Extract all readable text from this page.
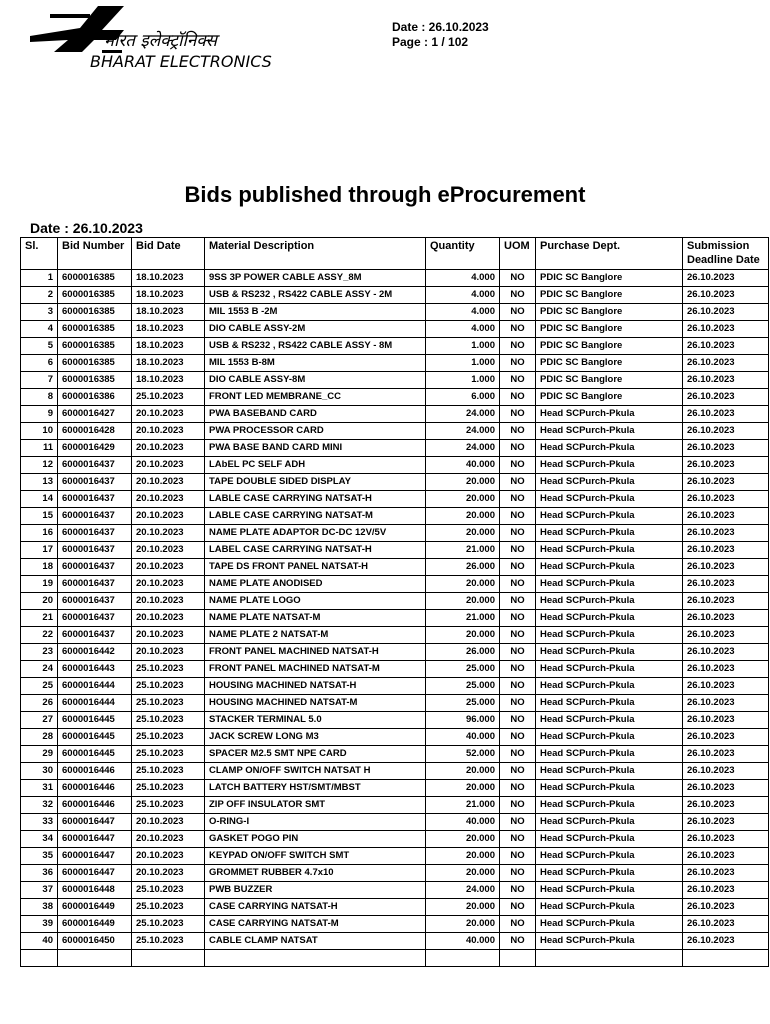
भारत इलेक्ट्रॉनिक्स
BHARAT ELECTRONICS
Date : 26.10.2023
Page : 1 / 102
Bids published through eProcurement
Date : 26.10.2023
Sl.	Bid Number	Bid Date	Material Description	Quantity	UOM	Purchase Dept.	Submission Deadline Date
1	6000016385	18.10.2023	9SS 3P POWER CABLE ASSY_8M	4.000	NO	PDIC SC Banglore	26.10.2023
2	6000016385	18.10.2023	USB & RS232 , RS422 CABLE ASSY - 2M	4.000	NO	PDIC SC Banglore	26.10.2023
3	6000016385	18.10.2023	MIL 1553 B -2M	4.000	NO	PDIC SC Banglore	26.10.2023
4	6000016385	18.10.2023	DIO CABLE ASSY-2M	4.000	NO	PDIC SC Banglore	26.10.2023
5	6000016385	18.10.2023	USB & RS232 , RS422 CABLE ASSY - 8M	1.000	NO	PDIC SC Banglore	26.10.2023
6	6000016385	18.10.2023	MIL 1553 B-8M	1.000	NO	PDIC SC Banglore	26.10.2023
7	6000016385	18.10.2023	DIO CABLE ASSY-8M	1.000	NO	PDIC SC Banglore	26.10.2023
8	6000016386	25.10.2023	FRONT LED MEMBRANE_CC	6.000	NO	PDIC SC Banglore	26.10.2023
9	6000016427	20.10.2023	PWA BASEBAND CARD	24.000	NO	Head SCPurch-Pkula	26.10.2023
10	6000016428	20.10.2023	PWA PROCESSOR CARD	24.000	NO	Head SCPurch-Pkula	26.10.2023
11	6000016429	20.10.2023	PWA BASE BAND CARD MINI	24.000	NO	Head SCPurch-Pkula	26.10.2023
12	6000016437	20.10.2023	LAbEL PC SELF ADH	40.000	NO	Head SCPurch-Pkula	26.10.2023
13	6000016437	20.10.2023	TAPE DOUBLE SIDED DISPLAY	20.000	NO	Head SCPurch-Pkula	26.10.2023
14	6000016437	20.10.2023	LABLE CASE CARRYING NATSAT-H	20.000	NO	Head SCPurch-Pkula	26.10.2023
15	6000016437	20.10.2023	LABLE CASE CARRYING NATSAT-M	20.000	NO	Head SCPurch-Pkula	26.10.2023
16	6000016437	20.10.2023	NAME PLATE ADAPTOR DC-DC 12V/5V	20.000	NO	Head SCPurch-Pkula	26.10.2023
17	6000016437	20.10.2023	LABEL CASE CARRYING NATSAT-H	21.000	NO	Head SCPurch-Pkula	26.10.2023
18	6000016437	20.10.2023	TAPE DS FRONT PANEL NATSAT-H	26.000	NO	Head SCPurch-Pkula	26.10.2023
19	6000016437	20.10.2023	NAME PLATE ANODISED	20.000	NO	Head SCPurch-Pkula	26.10.2023
20	6000016437	20.10.2023	NAME PLATE LOGO	20.000	NO	Head SCPurch-Pkula	26.10.2023
21	6000016437	20.10.2023	NAME PLATE NATSAT-M	21.000	NO	Head SCPurch-Pkula	26.10.2023
22	6000016437	20.10.2023	NAME PLATE 2 NATSAT-M	20.000	NO	Head SCPurch-Pkula	26.10.2023
23	6000016442	20.10.2023	FRONT PANEL MACHINED NATSAT-H	26.000	NO	Head SCPurch-Pkula	26.10.2023
24	6000016443	25.10.2023	FRONT PANEL MACHINED NATSAT-M	25.000	NO	Head SCPurch-Pkula	26.10.2023
25	6000016444	25.10.2023	HOUSING MACHINED NATSAT-H	25.000	NO	Head SCPurch-Pkula	26.10.2023
26	6000016444	25.10.2023	HOUSING MACHINED NATSAT-M	25.000	NO	Head SCPurch-Pkula	26.10.2023
27	6000016445	25.10.2023	STACKER TERMINAL 5.0	96.000	NO	Head SCPurch-Pkula	26.10.2023
28	6000016445	25.10.2023	JACK SCREW LONG M3	40.000	NO	Head SCPurch-Pkula	26.10.2023
29	6000016445	25.10.2023	SPACER M2.5 SMT NPE CARD	52.000	NO	Head SCPurch-Pkula	26.10.2023
30	6000016446	25.10.2023	CLAMP ON/OFF SWITCH NATSAT H	20.000	NO	Head SCPurch-Pkula	26.10.2023
31	6000016446	25.10.2023	LATCH BATTERY HST/SMT/MBST	20.000	NO	Head SCPurch-Pkula	26.10.2023
32	6000016446	25.10.2023	ZIP OFF INSULATOR SMT	21.000	NO	Head SCPurch-Pkula	26.10.2023
33	6000016447	20.10.2023	O-RING-I	40.000	NO	Head SCPurch-Pkula	26.10.2023
34	6000016447	20.10.2023	GASKET POGO PIN	20.000	NO	Head SCPurch-Pkula	26.10.2023
35	6000016447	20.10.2023	KEYPAD ON/OFF SWITCH SMT	20.000	NO	Head SCPurch-Pkula	26.10.2023
36	6000016447	20.10.2023	GROMMET RUBBER 4.7x10	20.000	NO	Head SCPurch-Pkula	26.10.2023
37	6000016448	25.10.2023	PWB BUZZER	24.000	NO	Head SCPurch-Pkula	26.10.2023
38	6000016449	25.10.2023	CASE CARRYING NATSAT-H	20.000	NO	Head SCPurch-Pkula	26.10.2023
39	6000016449	25.10.2023	CASE CARRYING NATSAT-M	20.000	NO	Head SCPurch-Pkula	26.10.2023
40	6000016450	25.10.2023	CABLE CLAMP NATSAT	40.000	NO	Head SCPurch-Pkula	26.10.2023
